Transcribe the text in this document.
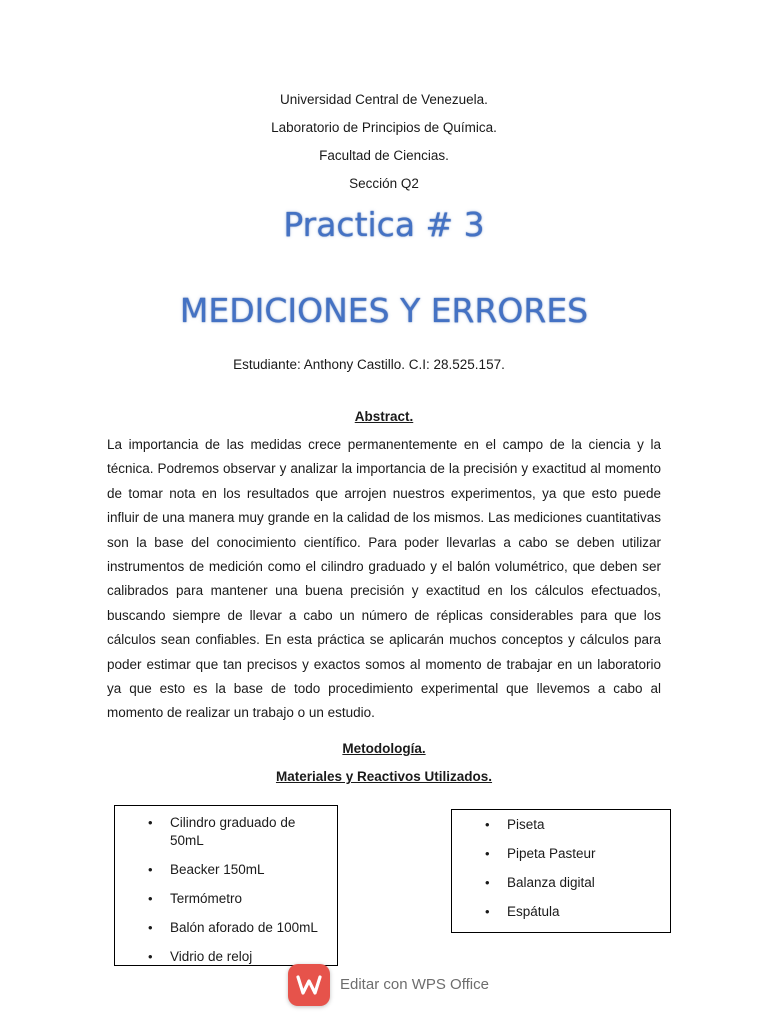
Universidad Central de Venezuela.
Laboratorio de Principios de Química.
Facultad de Ciencias.
Sección Q2
Practica # 3
MEDICIONES Y ERRORES
Estudiante: Anthony Castillo. C.I: 28.525.157.
Abstract.

La importancia de las medidas crece permanentemente en el campo de la ciencia y la técnica. Podremos observar y analizar la importancia de la precisión y exactitud al momento de tomar nota en los resultados que arrojen nuestros experimentos, ya que esto puede influir de una manera muy grande en la calidad de los mismos. Las mediciones cuantitativas son la base del conocimiento científico. Para poder llevarlas a cabo se deben utilizar instrumentos de medición como el cilindro graduado y el balón volumétrico, que deben ser calibrados para mantener una buena precisión y exactitud en los cálculos efectuados, buscando siempre de llevar a cabo un número de réplicas considerables para que los cálculos sean confiables. En esta práctica se aplicarán muchos conceptos y cálculos para poder estimar que tan precisos y exactos somos al momento de trabajar en un laboratorio ya que esto es la base de todo procedimiento experimental que llevemos a cabo al momento de realizar un trabajo o un estudio.

Metodología.
Materiales y Reactivos Utilizados.
• Cilindro graduado de 50mL
• Beacker 150mL
• Termómetro
• Balón aforado de 100mL
• Vidrio de reloj
• Piseta
• Pipeta Pasteur
• Balanza digital
• Espátula
Editar con WPS Office
